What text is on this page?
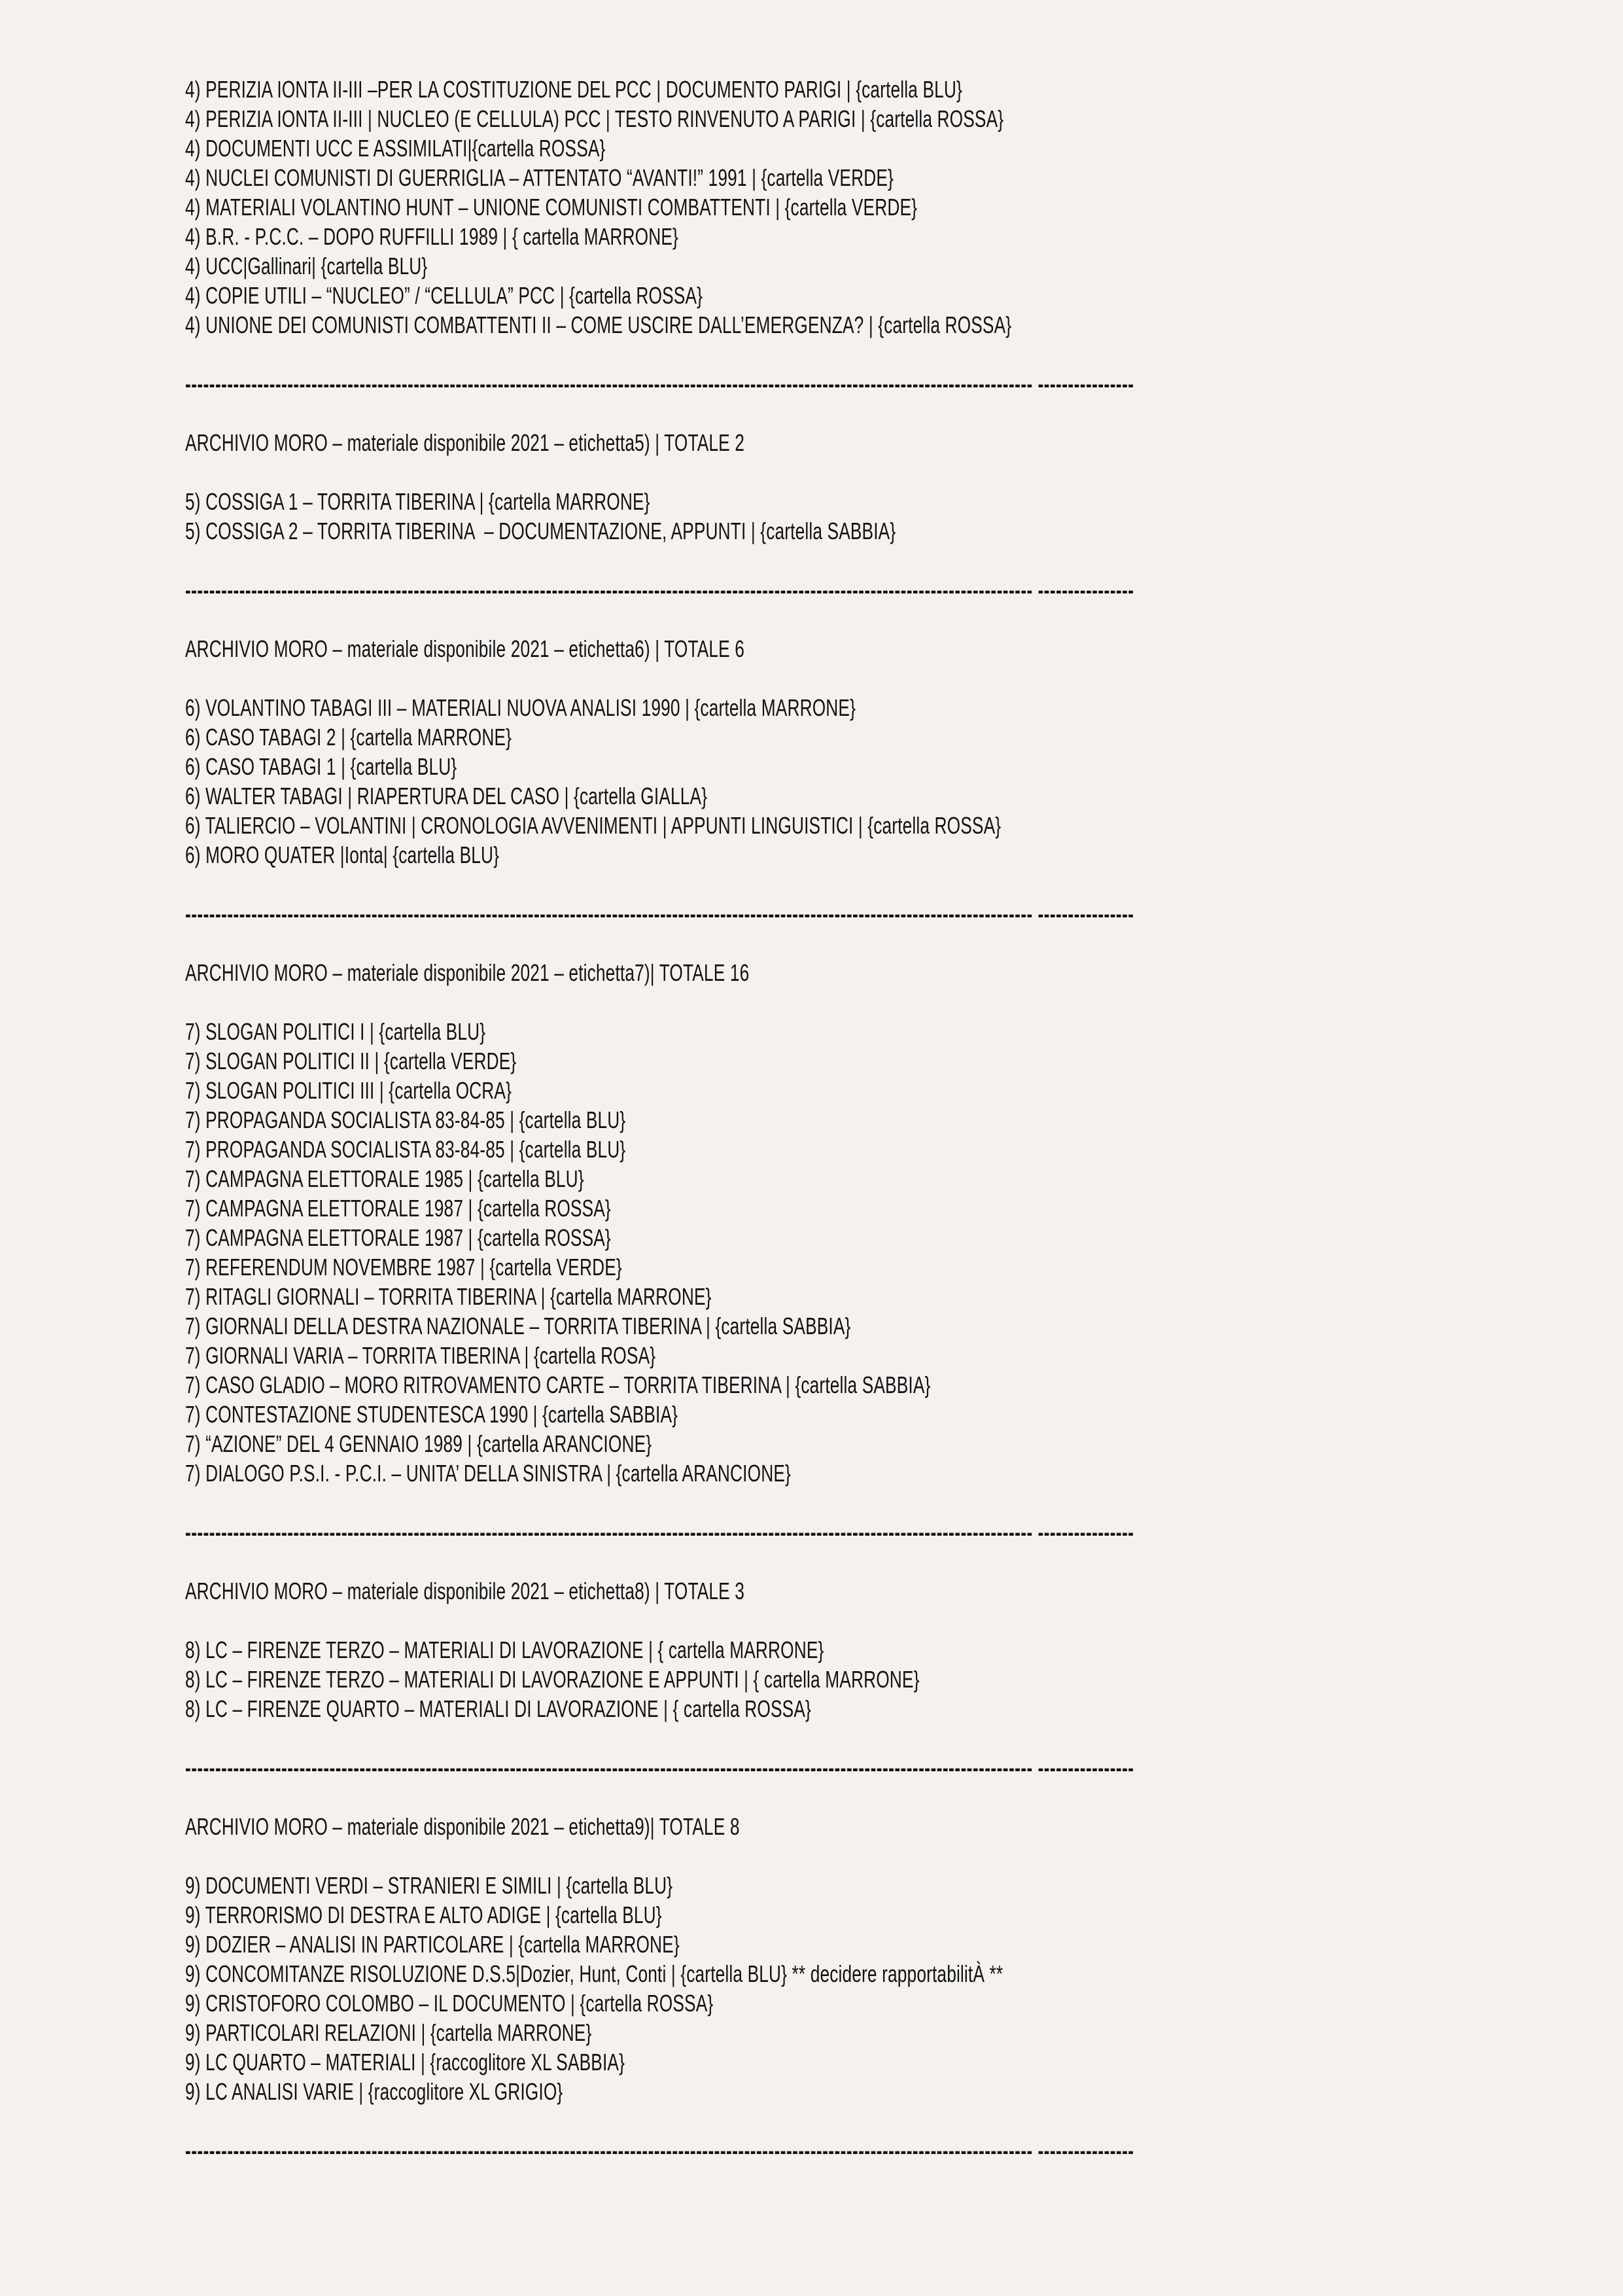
4) PERIZIA IONTA II-III –PER LA COSTITUZIONE DEL PCC | DOCUMENTO PARIGI | {cartella BLU}
4) PERIZIA IONTA II-III | NUCLEO (E CELLULA) PCC | TESTO RINVENUTO A PARIGI | {cartella ROSSA}
4) DOCUMENTI UCC E ASSIMILATI|{cartella ROSSA}
4) NUCLEI COMUNISTI DI GUERRIGLIA – ATTENTATO “AVANTI!” 1991 | {cartella VERDE}
4) MATERIALI VOLANTINO HUNT – UNIONE COMUNISTI COMBATTENTI | {cartella VERDE}
4) B.R. - P.C.C. – DOPO RUFFILLI 1989 | { cartella MARRONE}
4) UCC|Gallinari| {cartella BLU}
4) COPIE UTILI – “NUCLEO” / “CELLULA” PCC | {cartella ROSSA}
4) UNIONE DEI COMUNISTI COMBATTENTI II – COME USCIRE DALL’EMERGENZA? | {cartella ROSSA}
--------------------------------------------------------------------------------------------------------------------------------------------- ----------------
ARCHIVIO MORO – materiale disponibile 2021 – etichetta5) | TOTALE 2
5) COSSIGA 1 – TORRITA TIBERINA | {cartella MARRONE}
5) COSSIGA 2 – TORRITA TIBERINA  – DOCUMENTAZIONE, APPUNTI | {cartella SABBIA}
--------------------------------------------------------------------------------------------------------------------------------------------- ----------------
ARCHIVIO MORO – materiale disponibile 2021 – etichetta6) | TOTALE 6
6) VOLANTINO TABAGI III – MATERIALI NUOVA ANALISI 1990 | {cartella MARRONE}
6) CASO TABAGI 2 | {cartella MARRONE}
6) CASO TABAGI 1 | {cartella BLU}
6) WALTER TABAGI | RIAPERTURA DEL CASO | {cartella GIALLA}
6) TALIERCIO – VOLANTINI | CRONOLOGIA AVVENIMENTI | APPUNTI LINGUISTICI | {cartella ROSSA}
6) MORO QUATER |Ionta| {cartella BLU}
--------------------------------------------------------------------------------------------------------------------------------------------- ----------------
ARCHIVIO MORO – materiale disponibile 2021 – etichetta7)| TOTALE 16
7) SLOGAN POLITICI I | {cartella BLU}
7) SLOGAN POLITICI II | {cartella VERDE}
7) SLOGAN POLITICI III | {cartella OCRA}
7) PROPAGANDA SOCIALISTA 83-84-85 | {cartella BLU}
7) PROPAGANDA SOCIALISTA 83-84-85 | {cartella BLU}
7) CAMPAGNA ELETTORALE 1985 | {cartella BLU}
7) CAMPAGNA ELETTORALE 1987 | {cartella ROSSA}
7) CAMPAGNA ELETTORALE 1987 | {cartella ROSSA}
7) REFERENDUM NOVEMBRE 1987 | {cartella VERDE}
7) RITAGLI GIORNALI – TORRITA TIBERINA | {cartella MARRONE}
7) GIORNALI DELLA DESTRA NAZIONALE – TORRITA TIBERINA | {cartella SABBIA}
7) GIORNALI VARIA – TORRITA TIBERINA | {cartella ROSA}
7) CASO GLADIO – MORO RITROVAMENTO CARTE – TORRITA TIBERINA | {cartella SABBIA}
7) CONTESTAZIONE STUDENTESCA 1990 | {cartella SABBIA}
7) “AZIONE” DEL 4 GENNAIO 1989 | {cartella ARANCIONE}
7) DIALOGO P.S.I. - P.C.I. – UNITA’ DELLA SINISTRA | {cartella ARANCIONE}
--------------------------------------------------------------------------------------------------------------------------------------------- ----------------
ARCHIVIO MORO – materiale disponibile 2021 – etichetta8) | TOTALE 3
8) LC – FIRENZE TERZO – MATERIALI DI LAVORAZIONE | { cartella MARRONE}
8) LC – FIRENZE TERZO – MATERIALI DI LAVORAZIONE E APPUNTI | { cartella MARRONE}
8) LC – FIRENZE QUARTO – MATERIALI DI LAVORAZIONE | { cartella ROSSA}
--------------------------------------------------------------------------------------------------------------------------------------------- ----------------
ARCHIVIO MORO – materiale disponibile 2021 – etichetta9)| TOTALE 8
9) DOCUMENTI VERDI – STRANIERI E SIMILI | {cartella BLU}
9) TERRORISMO DI DESTRA E ALTO ADIGE | {cartella BLU}
9) DOZIER – ANALISI IN PARTICOLARE | {cartella MARRONE}
9) CONCOMITANZE RISOLUZIONE D.S.5|Dozier, Hunt, Conti | {cartella BLU} ** decidere rapportabilitÀ **
9) CRISTOFORO COLOMBO – IL DOCUMENTO | {cartella ROSSA}
9) PARTICOLARI RELAZIONI | {cartella MARRONE}
9) LC QUARTO – MATERIALI | {raccoglitore XL SABBIA}
9) LC ANALISI VARIE | {raccoglitore XL GRIGIO}
--------------------------------------------------------------------------------------------------------------------------------------------- ----------------
